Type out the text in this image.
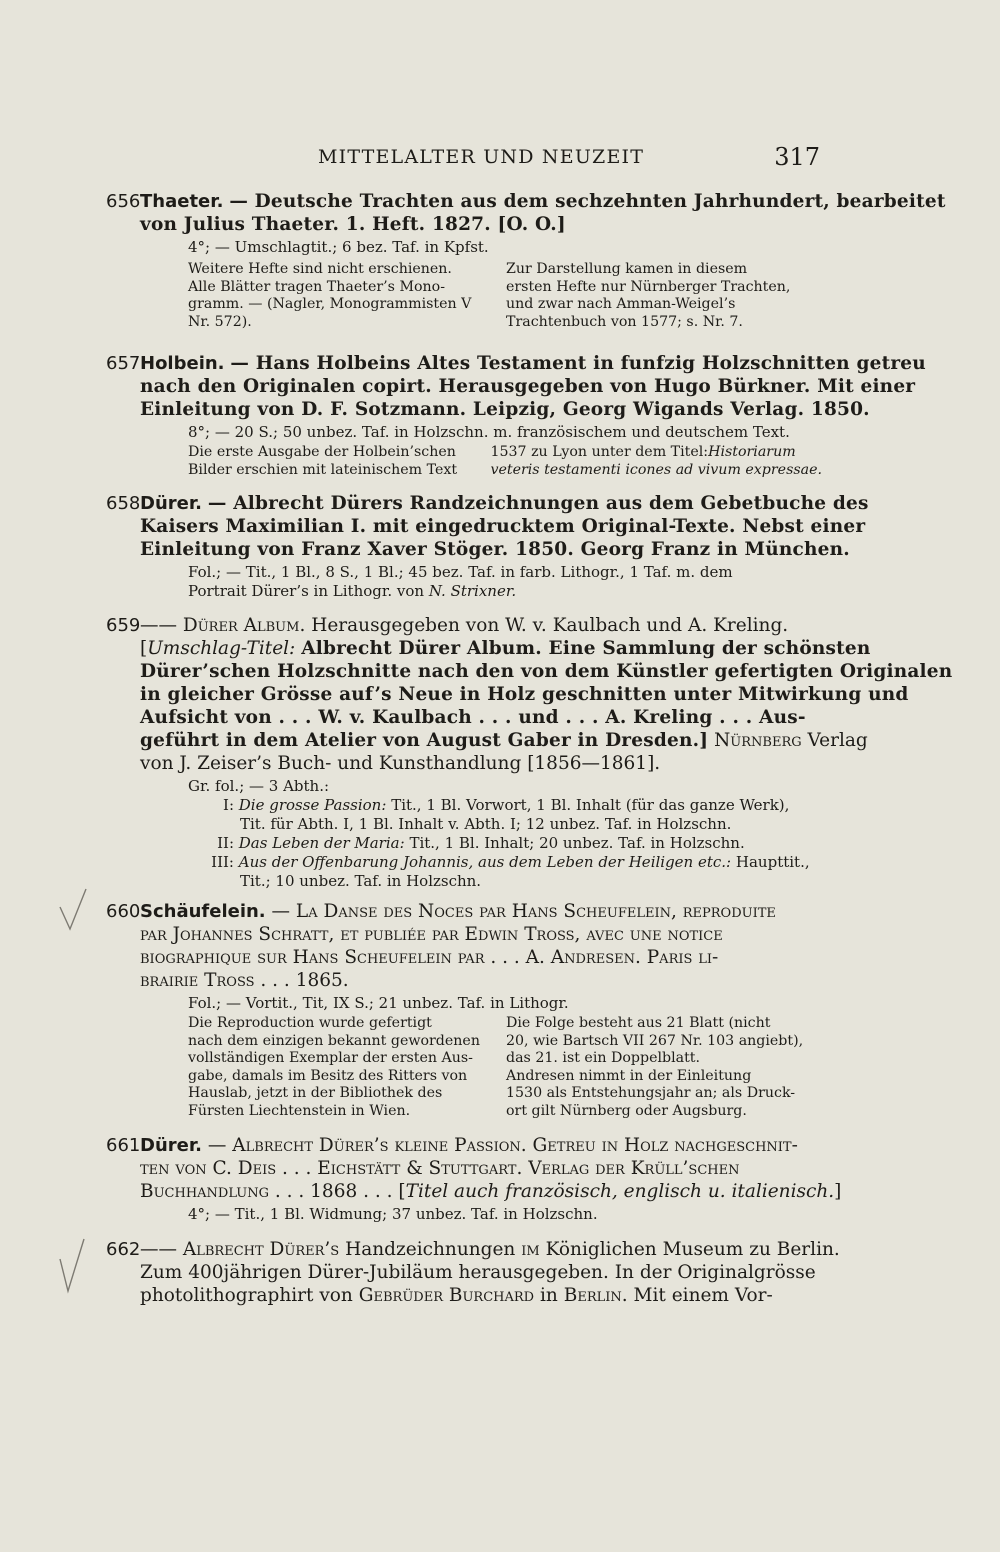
MITTELALTER UND NEUZEIT	317
656Thaeter. — Deutsche Trachten aus dem sechzehnten Jahrhundert, bearbeitet
von Julius Thaeter. 1. Heft. 1827. [O. O.]
4°; — Umschlagtit.; 6 bez. Taf. in Kpfst.
Weitere Hefte sind nicht erschienen.
Alle Blätter tragen Thaeter’s Mono-
gramm. — (Nagler, Monogrammisten V
Nr. 572).
Zur Darstellung kamen in diesem
ersten Hefte nur Nürnberger Trachten,
und zwar nach Amman-Weigel’s
Trachtenbuch von 1577; s. Nr. 7.
657Holbein. — Hans Holbeins Altes Testament in funfzig Holzschnitten getreu
nach den Originalen copirt. Herausgegeben von Hugo Bürkner. Mit einer
Einleitung von D. F. Sotzmann. Leipzig, Georg Wigands Verlag. 1850.
8°; — 20 S.; 50 unbez. Taf. in Holzschn. m. französischem und deutschem Text.
Die erste Ausgabe der Holbein’schen
Bilder erschien mit lateinischem Text
1537 zu Lyon unter dem Titel:Historiarum
veteris testamenti icones ad vivum expressae.
658Dürer. — Albrecht Dürers Randzeichnungen aus dem Gebetbuche des
Kaisers Maximilian I. mit eingedrucktem Original-Texte. Nebst einer
Einleitung von Franz Xaver Stöger. 1850. Georg Franz in München.
Fol.; — Tit., 1 Bl., 8 S., 1 Bl.; 45 bez. Taf. in farb. Lithogr., 1 Taf. m. dem
Portrait Dürer’s in Lithogr. von N. Strixner.
659—— Dürer Album. Herausgegeben von W. v. Kaulbach und A. Kreling.
[Umschlag-Titel: Albrecht Dürer Album. Eine Sammlung der schönsten
Dürer’schen Holzschnitte nach den von dem Künstler gefertigten Originalen
in gleicher Grösse auf’s Neue in Holz geschnitten unter Mitwirkung und
Aufsicht von . . . W. v. Kaulbach . . . und . . . A. Kreling . . . Aus-
geführt in dem Atelier von August Gaber in Dresden.] Nürnberg Verlag
von J. Zeiser’s Buch- und Kunsthandlung [1856—1861].
Gr. fol.; — 3 Abth.:
I: Die grosse Passion: Tit., 1 Bl. Vorwort, 1 Bl. Inhalt (für das ganze Werk),
Tit. für Abth. I, 1 Bl. Inhalt v. Abth. I; 12 unbez. Taf. in Holzschn.
II: Das Leben der Maria: Tit., 1 Bl. Inhalt; 20 unbez. Taf. in Holzschn.
III: Aus der Offenbarung Johannis, aus dem Leben der Heiligen etc.: Haupttit.,
Tit.; 10 unbez. Taf. in Holzschn.
660Schäufelein. — La Danse des Noces par Hans Scheufelein, reproduite
par Johannes Schratt, et publiée par Edwin Tross, avec une notice
biographique sur Hans Scheufelein par . . . A. Andresen. Paris li-
brairie Tross . . . 1865.
Fol.; — Vortit., Tit, IX S.; 21 unbez. Taf. in Lithogr.
Die Reproduction wurde gefertigt
nach dem einzigen bekannt gewordenen
vollständigen Exemplar der ersten Aus-
gabe, damals im Besitz des Ritters von
Hauslab, jetzt in der Bibliothek des
Fürsten Liechtenstein in Wien.
Die Folge besteht aus 21 Blatt (nicht
20, wie Bartsch VII 267 Nr. 103 angiebt),
das 21. ist ein Doppelblatt.
Andresen nimmt in der Einleitung
1530 als Entstehungsjahr an; als Druck-
ort gilt Nürnberg oder Augsburg.
661Dürer. — Albrecht Dürer’s kleine Passion. Getreu in Holz nachgeschnit-
ten von C. Deis . . . Eichstätt & Stuttgart. Verlag der Krüll’schen
Buchhandlung . . . 1868 . . . [Titel auch französisch, englisch u. italienisch.]
4°; — Tit., 1 Bl. Widmung; 37 unbez. Taf. in Holzschn.
662—— Albrecht Dürer’s Handzeichnungen im Königlichen Museum zu Berlin.
Zum 400jährigen Dürer-Jubiläum herausgegeben. In der Originalgrösse
photolithographirt von Gebrüder Burchard in Berlin. Mit einem Vor-
